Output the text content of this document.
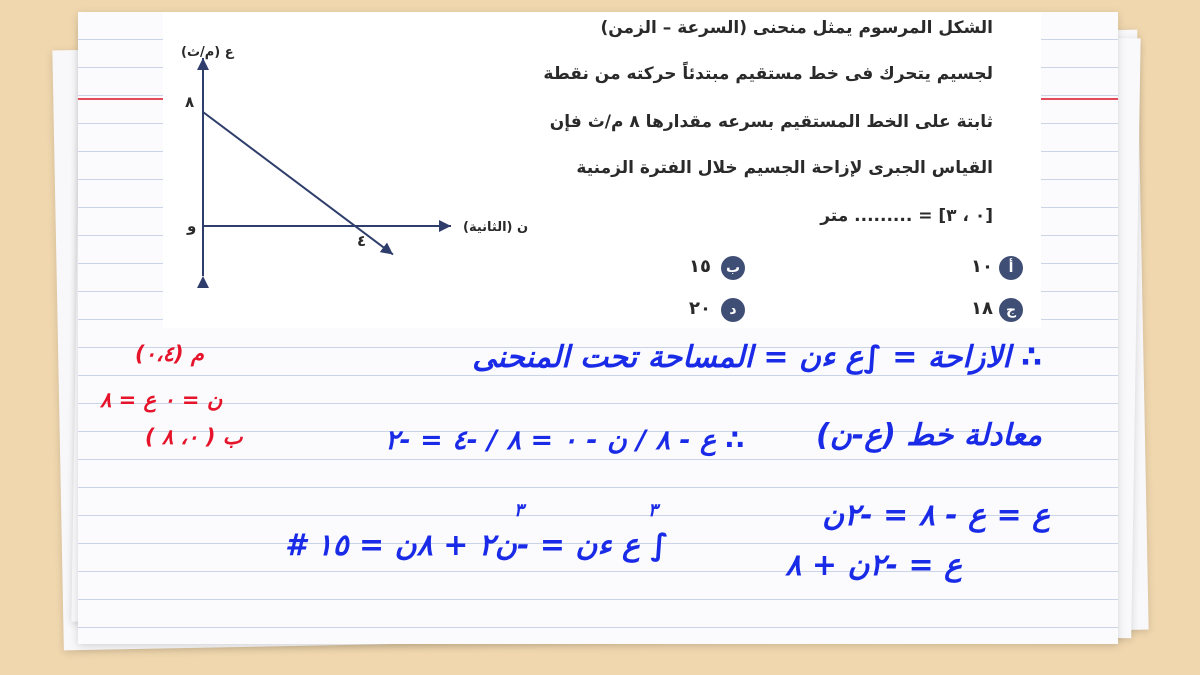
ع (م/ث)
ن (الثانية)
و
٨
٤
الشكل المرسوم يمثل منحنى (السرعة – الزمن)
لجسيم يتحرك فى خط مستقيم مبتدئاً حركته من نقطة
ثابتة على الخط المستقيم بسرعه مقدارها ٨ م/ث فإن
القياس الجبرى لإزاحة الجسيم خلال الفترة الزمنية
[٠ ، ٣] = ......... متر
أ
١٠
ب
١٥
ج
١٨
د
٢٠
∴ الازاحة = ∫ع ءن = المساحة تحت المنحنى
م (٠،٤)
ن = ٠ ع = ٨
ب ( ٠، ٨ )	معادلة خط (ع-ن)
∴ ع - ٨ / ن - ٠ = ٨ / -٤ = -٢
ع = ع - ٨ = -٢ن
∫ ع ءن = -ن٢ + ٨ن = ١٥ #
٣	٣
ع = -٢ن + ٨
